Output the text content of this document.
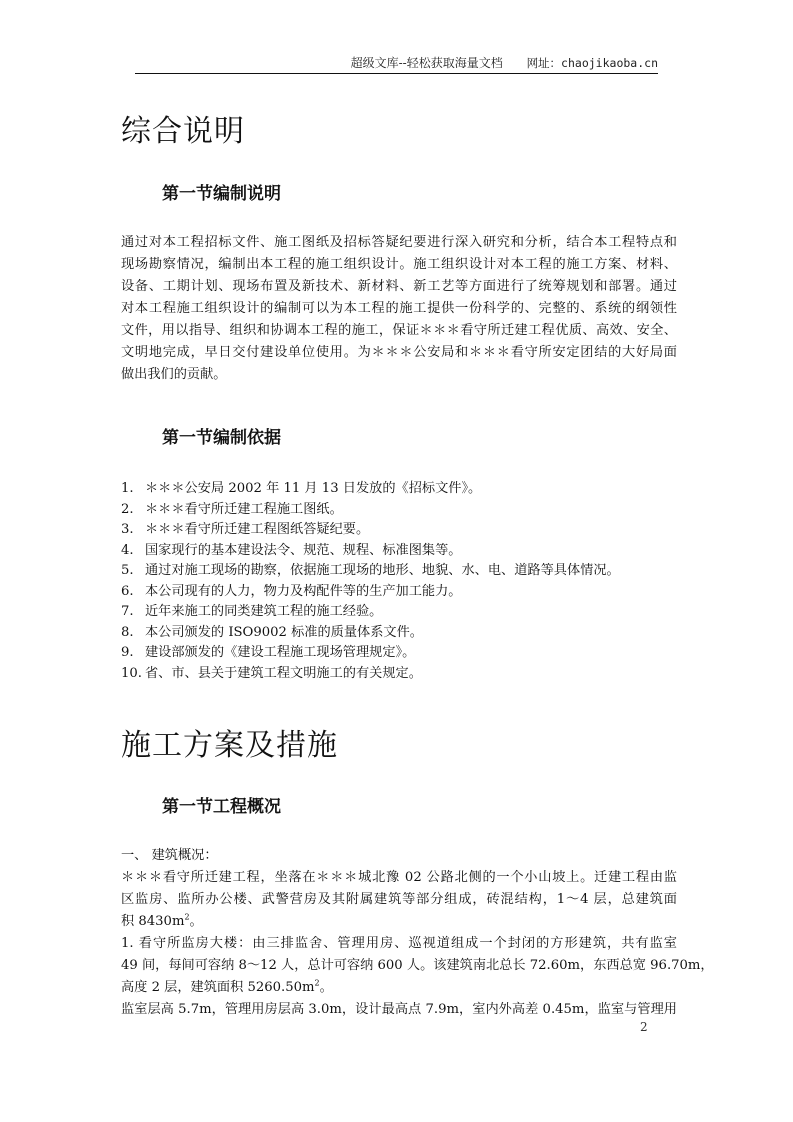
超级文库--轻松获取海量文档 网址：chaojikaoba.cn
综合说明
第一节编制说明
通过对本工程招标文件、施工图纸及招标答疑纪要进行深入研究和分析，结合本工程特点和
现场勘察情况，编制出本工程的施工组织设计。施工组织设计对本工程的施工方案、材料、
设备、工期计划、现场布置及新技术、新材料、新工艺等方面进行了统筹规划和部署。通过
对本工程施工组织设计的编制可以为本工程的施工提供一份科学的、完整的、系统的纲领性
文件，用以指导、组织和协调本工程的施工，保证＊＊＊看守所迁建工程优质、高效、安全、
文明地完成，早日交付建设单位使用。为＊＊＊公安局和＊＊＊看守所安定团结的大好局面
做出我们的贡献。
第一节编制依据
1. ＊＊＊公安局 2002 年 11 月 13 日发放的《招标文件》。
2. ＊＊＊看守所迁建工程施工图纸。
3. ＊＊＊看守所迁建工程图纸答疑纪要。
4. 国家现行的基本建设法令、规范、规程、标准图集等。
5. 通过对施工现场的勘察，依据施工现场的地形、地貌、水、电、道路等具体情况。
6. 本公司现有的人力，物力及构配件等的生产加工能力。
7. 近年来施工的同类建筑工程的施工经验。
8. 本公司颁发的 ISO9002 标准的质量体系文件。
9. 建设部颁发的《建设工程施工现场管理规定》。
10. 省、市、县关于建筑工程文明施工的有关规定。
施工方案及措施
第一节工程概况
一、 建筑概况：
＊＊＊看守所迁建工程，坐落在＊＊＊城北豫 02 公路北侧的一个小山坡上。迁建工程由监
区监房、监所办公楼、武警营房及其附属建筑等部分组成，砖混结构，1～4 层，总建筑面
积 $8430m^2$。
1. 看守所监房大楼：由三排监舍、管理用房、巡视道组成一个封闭的方形建筑，共有监室
49 间，每间可容纳 8～12 人，总计可容纳 600 人。该建筑南北总长 72.60m，东西总宽 96.70m，
高度 2 层，建筑面积 $5260.50m^2$。
监室层高 5.7m，管理用房层高 3.0m，设计最高点 7.9m，室内外高差 0.45m，监室与管理用
2
